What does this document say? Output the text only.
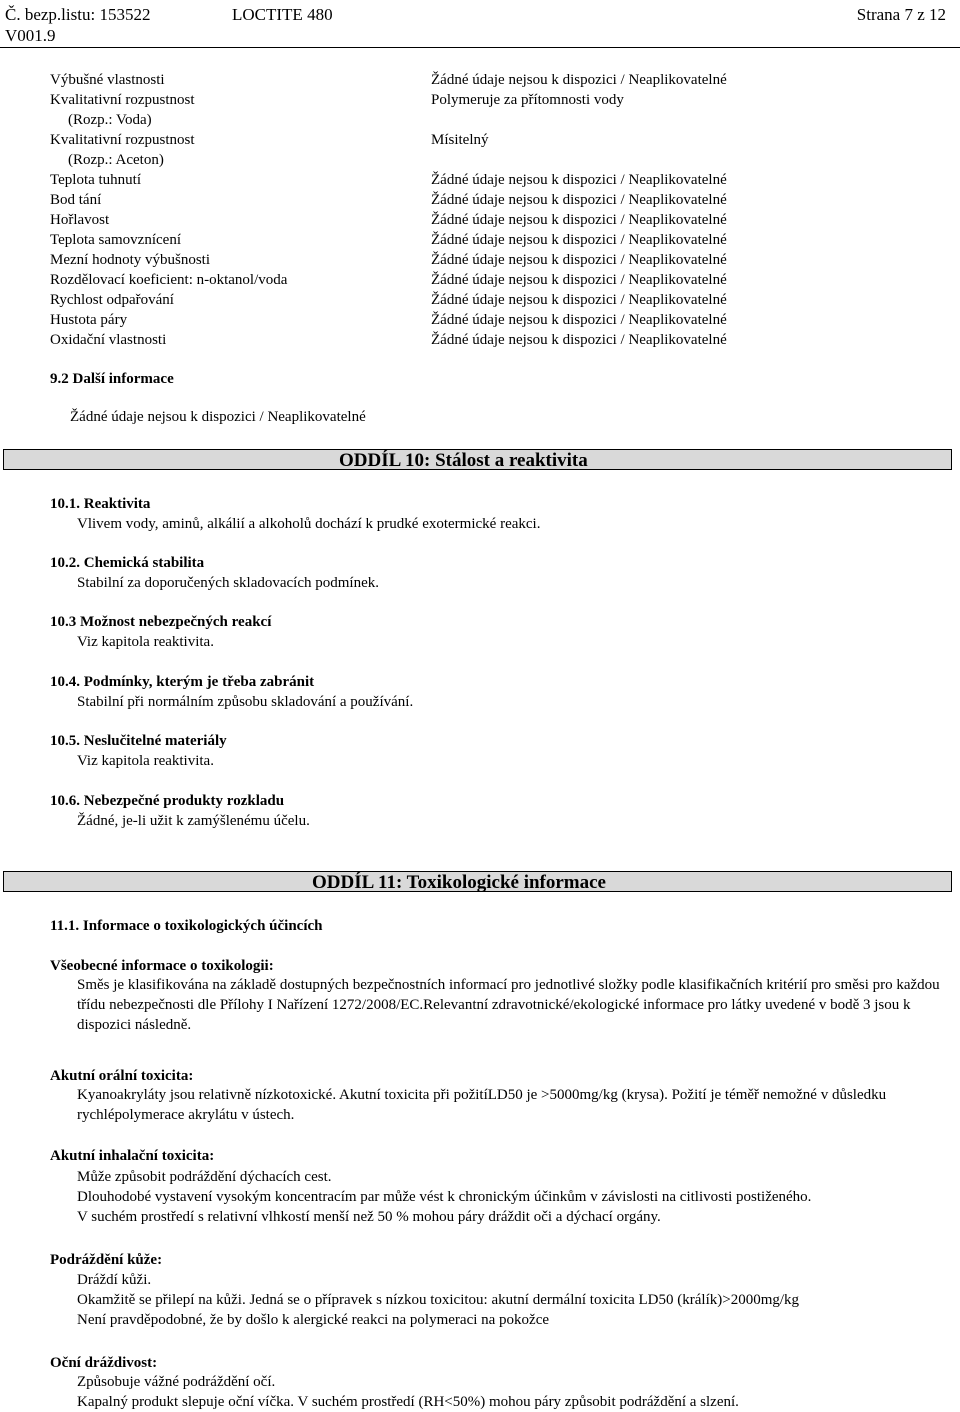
Č. bezp.listu: 153522	LOCTITE 480	Strana 7 z 12
V001.9
Výbušné vlastnosti	Žádné údaje nejsou k dispozici / Neaplikovatelné
Kvalitativní rozpustnost	Polymeruje za přítomnosti vody
(Rozp.: Voda)
Kvalitativní rozpustnost	Mísitelný
(Rozp.: Aceton)
Teplota tuhnutí	Žádné údaje nejsou k dispozici / Neaplikovatelné
Bod tání	Žádné údaje nejsou k dispozici / Neaplikovatelné
Hořlavost	Žádné údaje nejsou k dispozici / Neaplikovatelné
Teplota samovznícení	Žádné údaje nejsou k dispozici / Neaplikovatelné
Mezní hodnoty výbušnosti	Žádné údaje nejsou k dispozici / Neaplikovatelné
Rozdělovací koeficient: n-oktanol/voda	Žádné údaje nejsou k dispozici / Neaplikovatelné
Rychlost odpařování	Žádné údaje nejsou k dispozici / Neaplikovatelné
Hustota páry	Žádné údaje nejsou k dispozici / Neaplikovatelné
Oxidační vlastnosti	Žádné údaje nejsou k dispozici / Neaplikovatelné
9.2 Další informace
Žádné údaje nejsou k dispozici / Neaplikovatelné
ODDÍL 10: Stálost a reaktivita
10.1. Reaktivita
Vlivem vody, aminů, alkálií a alkoholů dochází k prudké exotermické reakci.
10.2. Chemická stabilita
Stabilní za doporučených skladovacích podmínek.
10.3 Možnost nebezpečných reakcí
Viz kapitola reaktivita.
10.4. Podmínky, kterým je třeba zabránit
Stabilní při normálním způsobu skladování a používání.
10.5. Neslučitelné materiály
Viz kapitola reaktivita.
10.6. Nebezpečné produkty rozkladu
Žádné, je-li užit k zamýšlenému účelu.
ODDÍL 11: Toxikologické informace
11.1. Informace o toxikologických účincích
Všeobecné informace o toxikologii:
Směs je klasifikována na základě dostupných bezpečnostních informací pro jednotlivé složky podle klasifikačních kritérií pro směsi pro každou třídu nebezpečnosti dle Přílohy I Nařízení 1272/2008/EC.Relevantní zdravotnické/ekologické informace pro látky uvedené v bodě 3 jsou k dispozici následně.
Akutní orální toxicita:
Kyanoakryláty jsou relativně nízkotoxické. Akutní toxicita při požitíLD50 je >5000mg/kg (krysa). Požití je téměř nemožné v důsledku rychlépolymerace akrylátu v ústech.
Akutní inhalační toxicita:
Může způsobit podráždění dýchacích cest.
Dlouhodobé vystavení vysokým koncentracím par může vést k chronickým účinkům v závislosti na citlivosti postiženého.
V suchém prostředí s relativní vlhkostí menší než 50 % mohou páry dráždit oči a dýchací orgány.
Podráždění kůže:
Dráždí kůži.
Okamžitě se přilepí na kůži. Jedná se o přípravek s nízkou toxicitou: akutní dermální toxicita LD50 (králík)>2000mg/kg
Není pravděpodobné, že by došlo k alergické reakci na polymeraci na pokožce
Oční dráždivost:
Způsobuje vážné podráždění očí.
Kapalný produkt slepuje oční víčka. V suchém prostředí (RH<50%) mohou páry způsobit podráždění a slzení.
